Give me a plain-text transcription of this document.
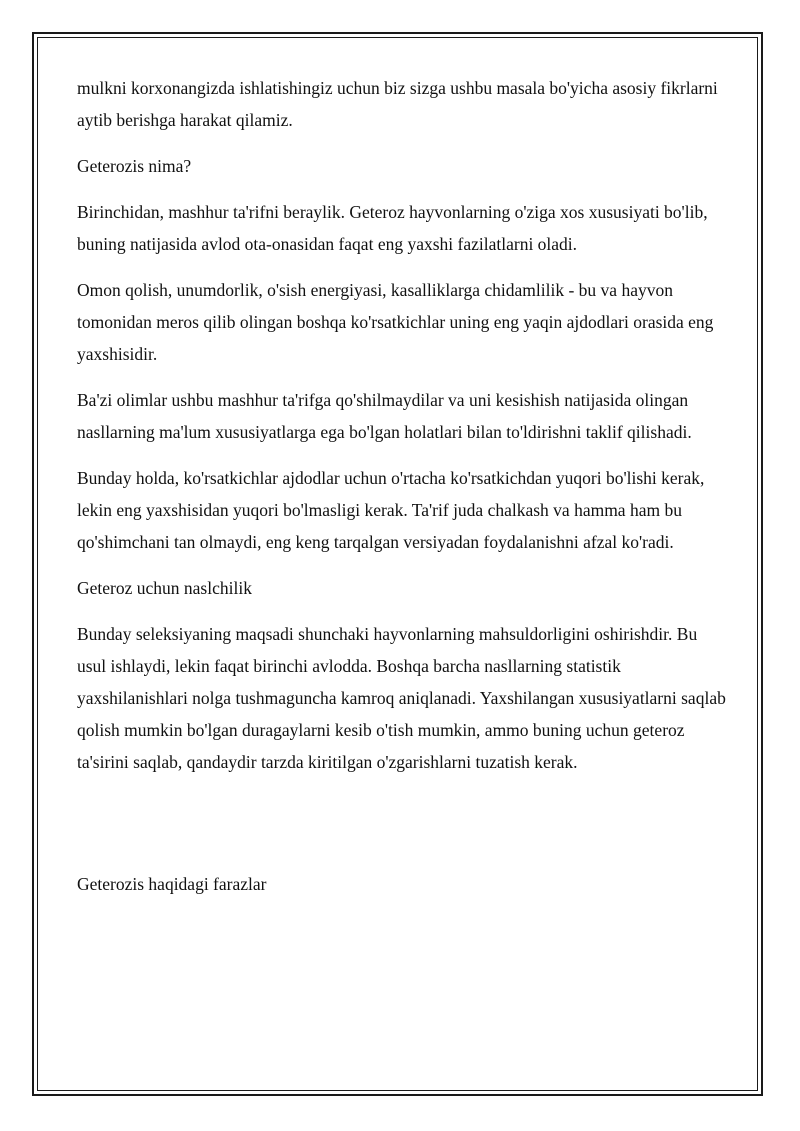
mulkni korxonangizda ishlatishingiz uchun biz sizga ushbu masala bo'yicha asosiy fikrlarni aytib berishga harakat qilamiz.

Geterozis nima?

Birinchidan, mashhur ta'rifni beraylik. Geteroz hayvonlarning o'ziga xos xususiyati bo'lib, buning natijasida avlod ota-onasidan faqat eng yaxshi fazilatlarni oladi.

Omon qolish, unumdorlik, o'sish energiyasi, kasalliklarga chidamlilik - bu va hayvon tomonidan meros qilib olingan boshqa ko'rsatkichlar uning eng yaqin ajdodlari orasida eng yaxshisidir.

Ba'zi olimlar ushbu mashhur ta'rifga qo'shilmaydilar va uni kesishish natijasida olingan nasllarning ma'lum xususiyatlarga ega bo'lgan holatlari bilan to'ldirishni taklif qilishadi.

Bunday holda, ko'rsatkichlar ajdodlar uchun o'rtacha ko'rsatkichdan yuqori bo'lishi kerak, lekin eng yaxshisidan yuqori bo'lmasligi kerak. Ta'rif juda chalkash va hamma ham bu qo'shimchani tan olmaydi, eng keng tarqalgan versiyadan foydalanishni afzal ko'radi.

Geteroz uchun naslchilik

Bunday seleksiyaning maqsadi shunchaki hayvonlarning mahsuldorligini oshirishdir. Bu usul ishlaydi, lekin faqat birinchi avlodda. Boshqa barcha nasllarning statistik yaxshilanishlari nolga tushmaguncha kamroq aniqlanadi. Yaxshilangan xususiyatlarni saqlab qolish mumkin bo'lgan duragaylarni kesib o'tish mumkin, ammo buning uchun geteroz ta'sirini saqlab, qandaydir tarzda kiritilgan o'zgarishlarni tuzatish kerak.

Geterozis haqidagi farazlar
